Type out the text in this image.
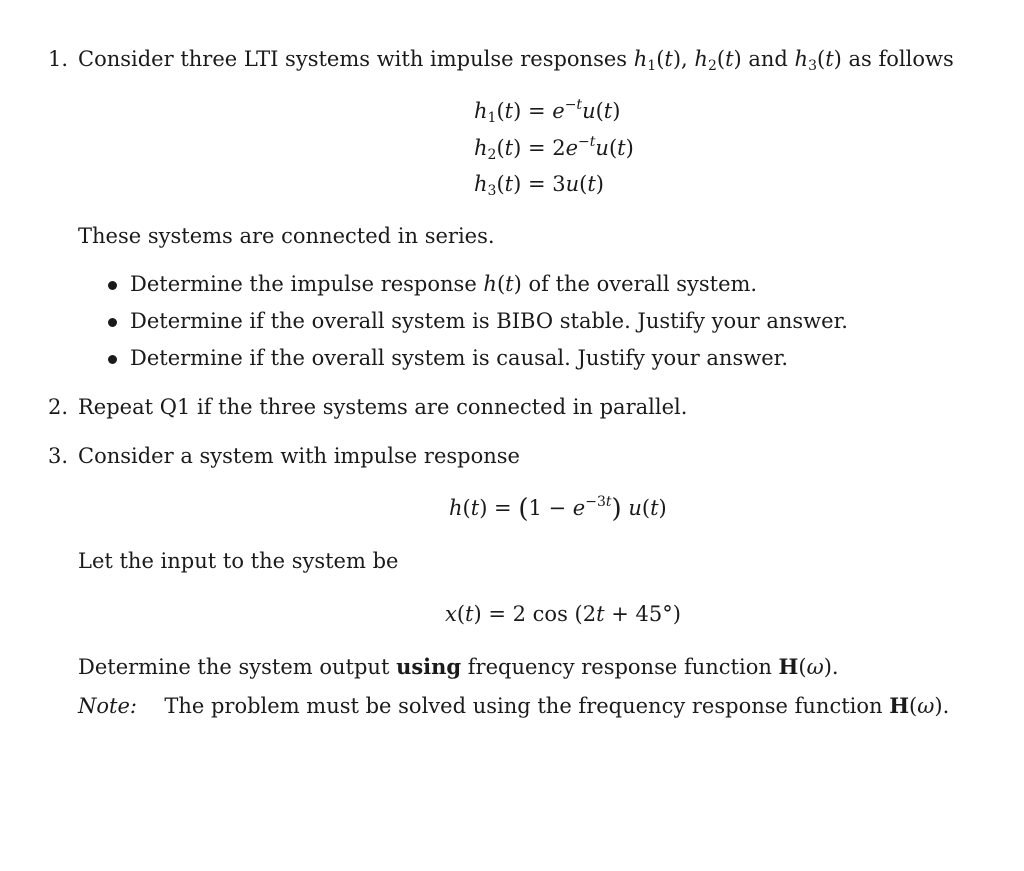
1. Consider three LTI systems with impulse responses $h_1(t)$, $h_2(t)$ and $h_3(t)$ as follows
$h_1(t) = e^{-t}u(t)$
$h_2(t) = 2e^{-t}u(t)$
$h_3(t) = 3u(t)$
These systems are connected in series.
Determine the impulse response h(t) of the overall system.
Determine if the overall system is BIBO stable. Justify your answer.
Determine if the overall system is causal. Justify your answer.
2. Repeat Q1 if the three systems are connected in parallel.
3. Consider a system with impulse response
$h(t) = (1 - e^{-3t})$ u(t)
Let the input to the system be
x(t) = 2 cos (2t + 45°)
Determine the system output using frequency response function H(ω).
Note: The problem must be solved using the frequency response function H(ω).
